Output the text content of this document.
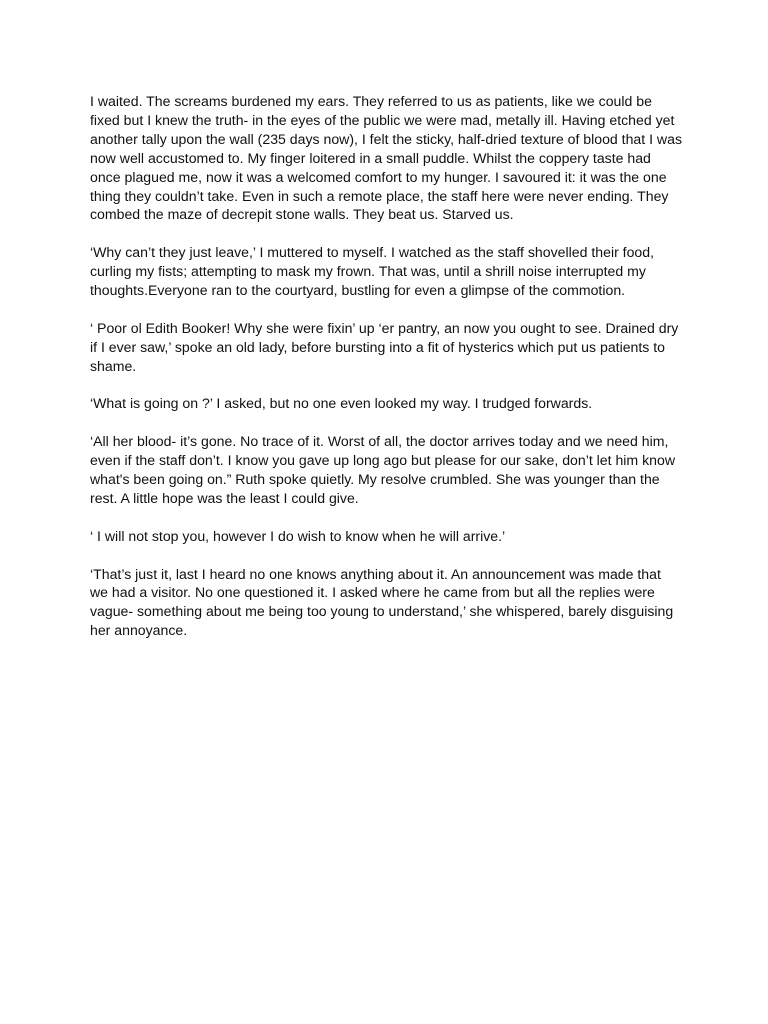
I waited. The screams burdened my ears. They referred to us as patients, like we could be fixed but I knew the truth- in the eyes of the public we were mad, metally ill. Having etched yet another tally upon the wall (235 days now), I felt the sticky, half-dried texture of blood that I was now well accustomed to. My finger loitered in a small puddle. Whilst the coppery taste had once plagued me, now it was a welcomed comfort to my hunger. I savoured it: it was the one thing they couldn’t take. Even in such a remote place, the staff here were never ending. They combed the maze of decrepit stone walls. They beat us. Starved us.

‘Why can’t they just leave,’ I muttered to myself. I watched as the staff shovelled their food, curling my fists; attempting to mask my frown. That was, until a shrill noise interrupted my thoughts.Everyone ran to the courtyard, bustling for even a glimpse of the commotion.

‘ Poor ol Edith Booker! Why she were fixin’ up ‘er pantry, an now you ought to see. Drained dry if I ever saw,’ spoke an old lady, before bursting into a fit of hysterics which put us patients to shame.

‘What is going on ?’ I asked, but no one even looked my way. I trudged forwards.

‘All her blood- it’s gone. No trace of it. Worst of all, the doctor arrives today and we need him, even if the staff don’t. I know you gave up long ago but please for our sake, don’t let him know what's been going on.” Ruth spoke quietly. My resolve crumbled. She was younger than the rest. A little hope was the least I could give.

‘ I will not stop you, however I do wish to know when he will arrive.’

‘That’s just it, last I heard no one knows anything about it. An announcement was made that we had a visitor. No one questioned it. I asked where he came from but all the replies were vague- something about me being too young to understand,’ she whispered, barely disguising her annoyance.
